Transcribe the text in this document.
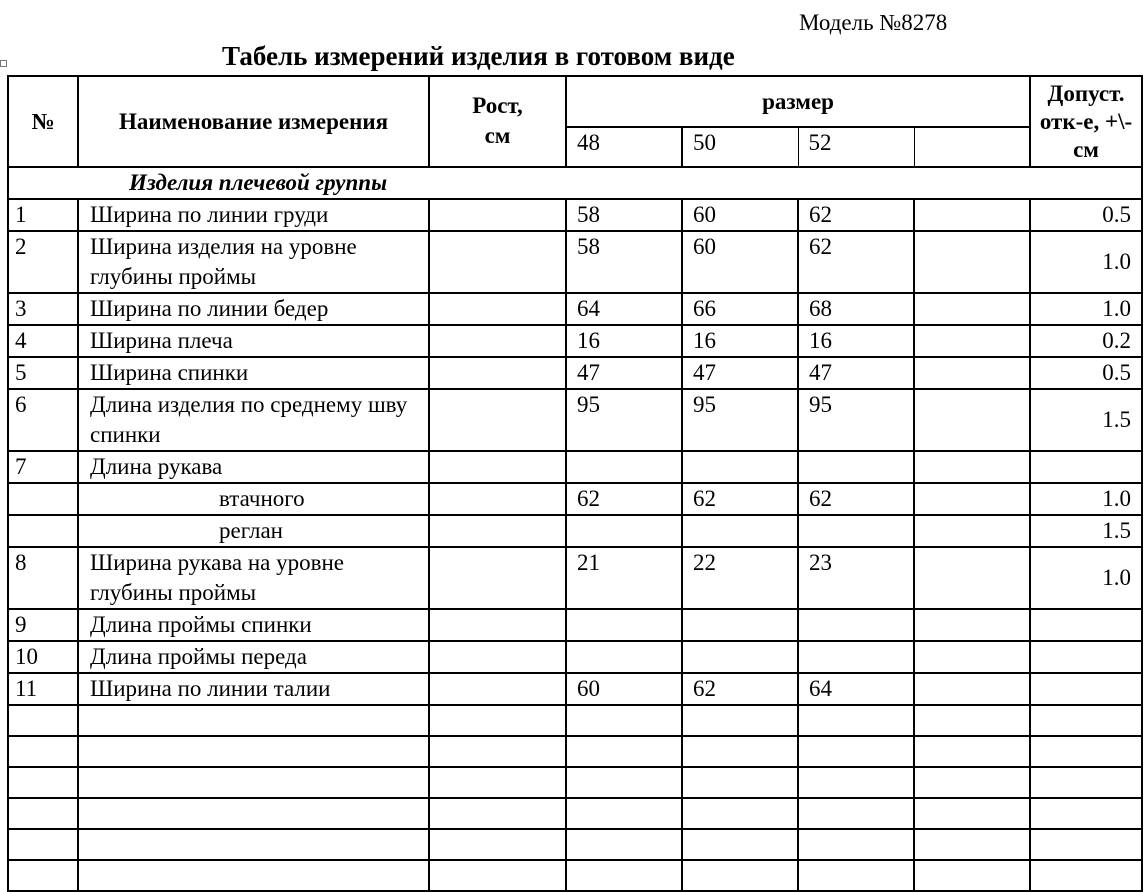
Модель №8278
Табель измерений изделия в готовом виде
№	Наименование измерения	Рост, см	размер				Допуст. отк-е, +\-см

			48	50	52		
Изделия плечевой группы							
1	Ширина по линии груди		58	60	62		0.5
2	Ширина изделия на уровне глубины проймы		58	60	62		1.0
3	Ширина по линии бедер		64	66	68		1.0
4	Ширина плеча		16	16	16		0.2
5	Ширина спинки		47	47	47		0.5
6	Длина изделия по среднему шву спинки		95	95	95		1.5
7	Длина рукава						
	втачного		62	62	62		1.0
	реглан						1.5
8	Ширина рукава на уровне глубины проймы		21	22	23		1.0
9	Длина проймы спинки						
10	Длина проймы переда						
11	Ширина по линии талии		60	62	64		
